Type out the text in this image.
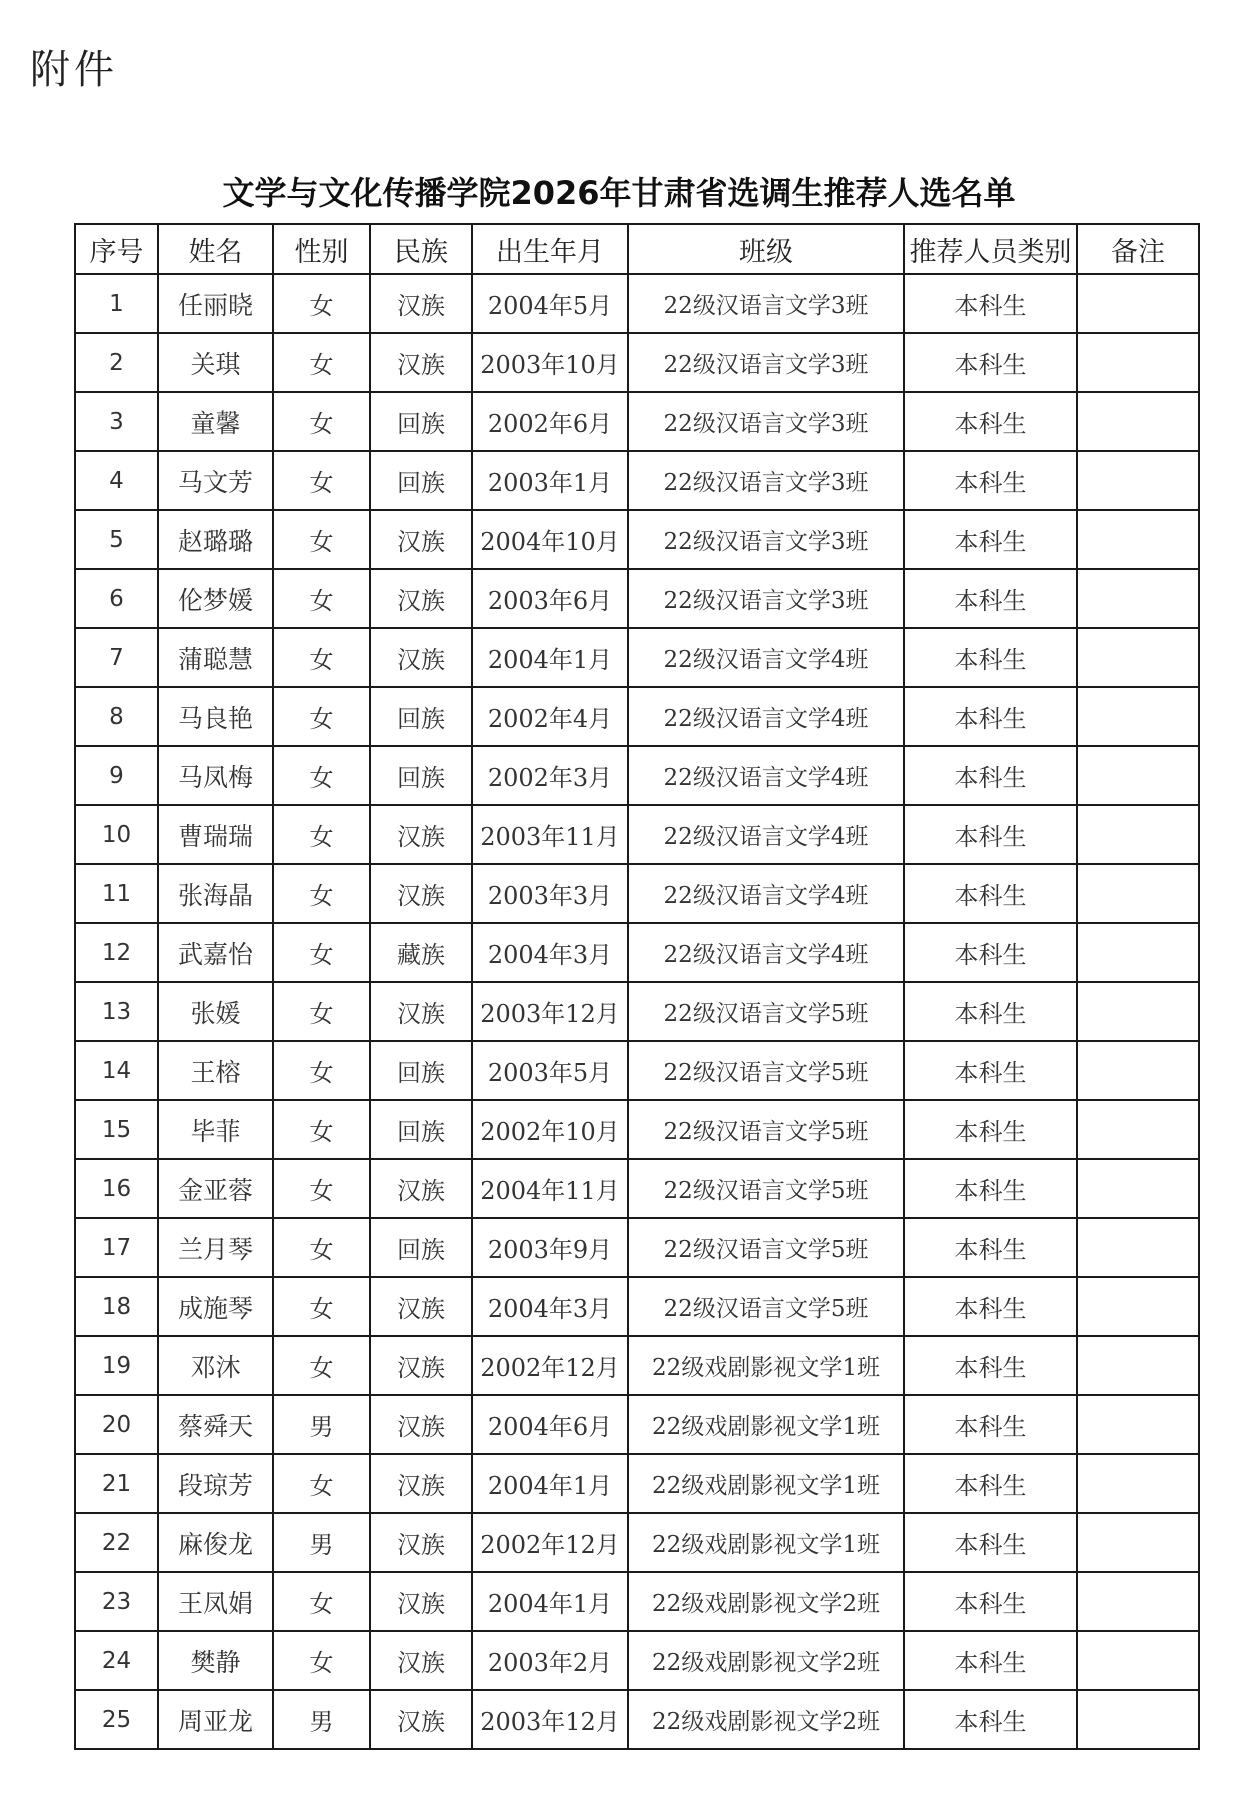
附件
文学与文化传播学院2026年甘肃省选调生推荐人选名单
序号	姓名	性别	民族	出生年月	班级	推荐人员类别	备注
1	任丽晓	女	汉族	2004年5月	22级汉语言文学3班	本科生	
2	关琪	女	汉族	2003年10月	22级汉语言文学3班	本科生	
3	童馨	女	回族	2002年6月	22级汉语言文学3班	本科生	
4	马文芳	女	回族	2003年1月	22级汉语言文学3班	本科生	
5	赵璐璐	女	汉族	2004年10月	22级汉语言文学3班	本科生	
6	伦梦媛	女	汉族	2003年6月	22级汉语言文学3班	本科生	
7	蒲聪慧	女	汉族	2004年1月	22级汉语言文学4班	本科生	
8	马良艳	女	回族	2002年4月	22级汉语言文学4班	本科生	
9	马凤梅	女	回族	2002年3月	22级汉语言文学4班	本科生	
10	曹瑞瑞	女	汉族	2003年11月	22级汉语言文学4班	本科生	
11	张海晶	女	汉族	2003年3月	22级汉语言文学4班	本科生	
12	武嘉怡	女	藏族	2004年3月	22级汉语言文学4班	本科生	
13	张媛	女	汉族	2003年12月	22级汉语言文学5班	本科生	
14	王榕	女	回族	2003年5月	22级汉语言文学5班	本科生	
15	毕菲	女	回族	2002年10月	22级汉语言文学5班	本科生	
16	金亚蓉	女	汉族	2004年11月	22级汉语言文学5班	本科生	
17	兰月琴	女	回族	2003年9月	22级汉语言文学5班	本科生	
18	成施琴	女	汉族	2004年3月	22级汉语言文学5班	本科生	
19	邓沐	女	汉族	2002年12月	22级戏剧影视文学1班	本科生	
20	蔡舜天	男	汉族	2004年6月	22级戏剧影视文学1班	本科生	
21	段琼芳	女	汉族	2004年1月	22级戏剧影视文学1班	本科生	
22	麻俊龙	男	汉族	2002年12月	22级戏剧影视文学1班	本科生	
23	王凤娟	女	汉族	2004年1月	22级戏剧影视文学2班	本科生	
24	樊静	女	汉族	2003年2月	22级戏剧影视文学2班	本科生	
25	周亚龙	男	汉族	2003年12月	22级戏剧影视文学2班	本科生	
